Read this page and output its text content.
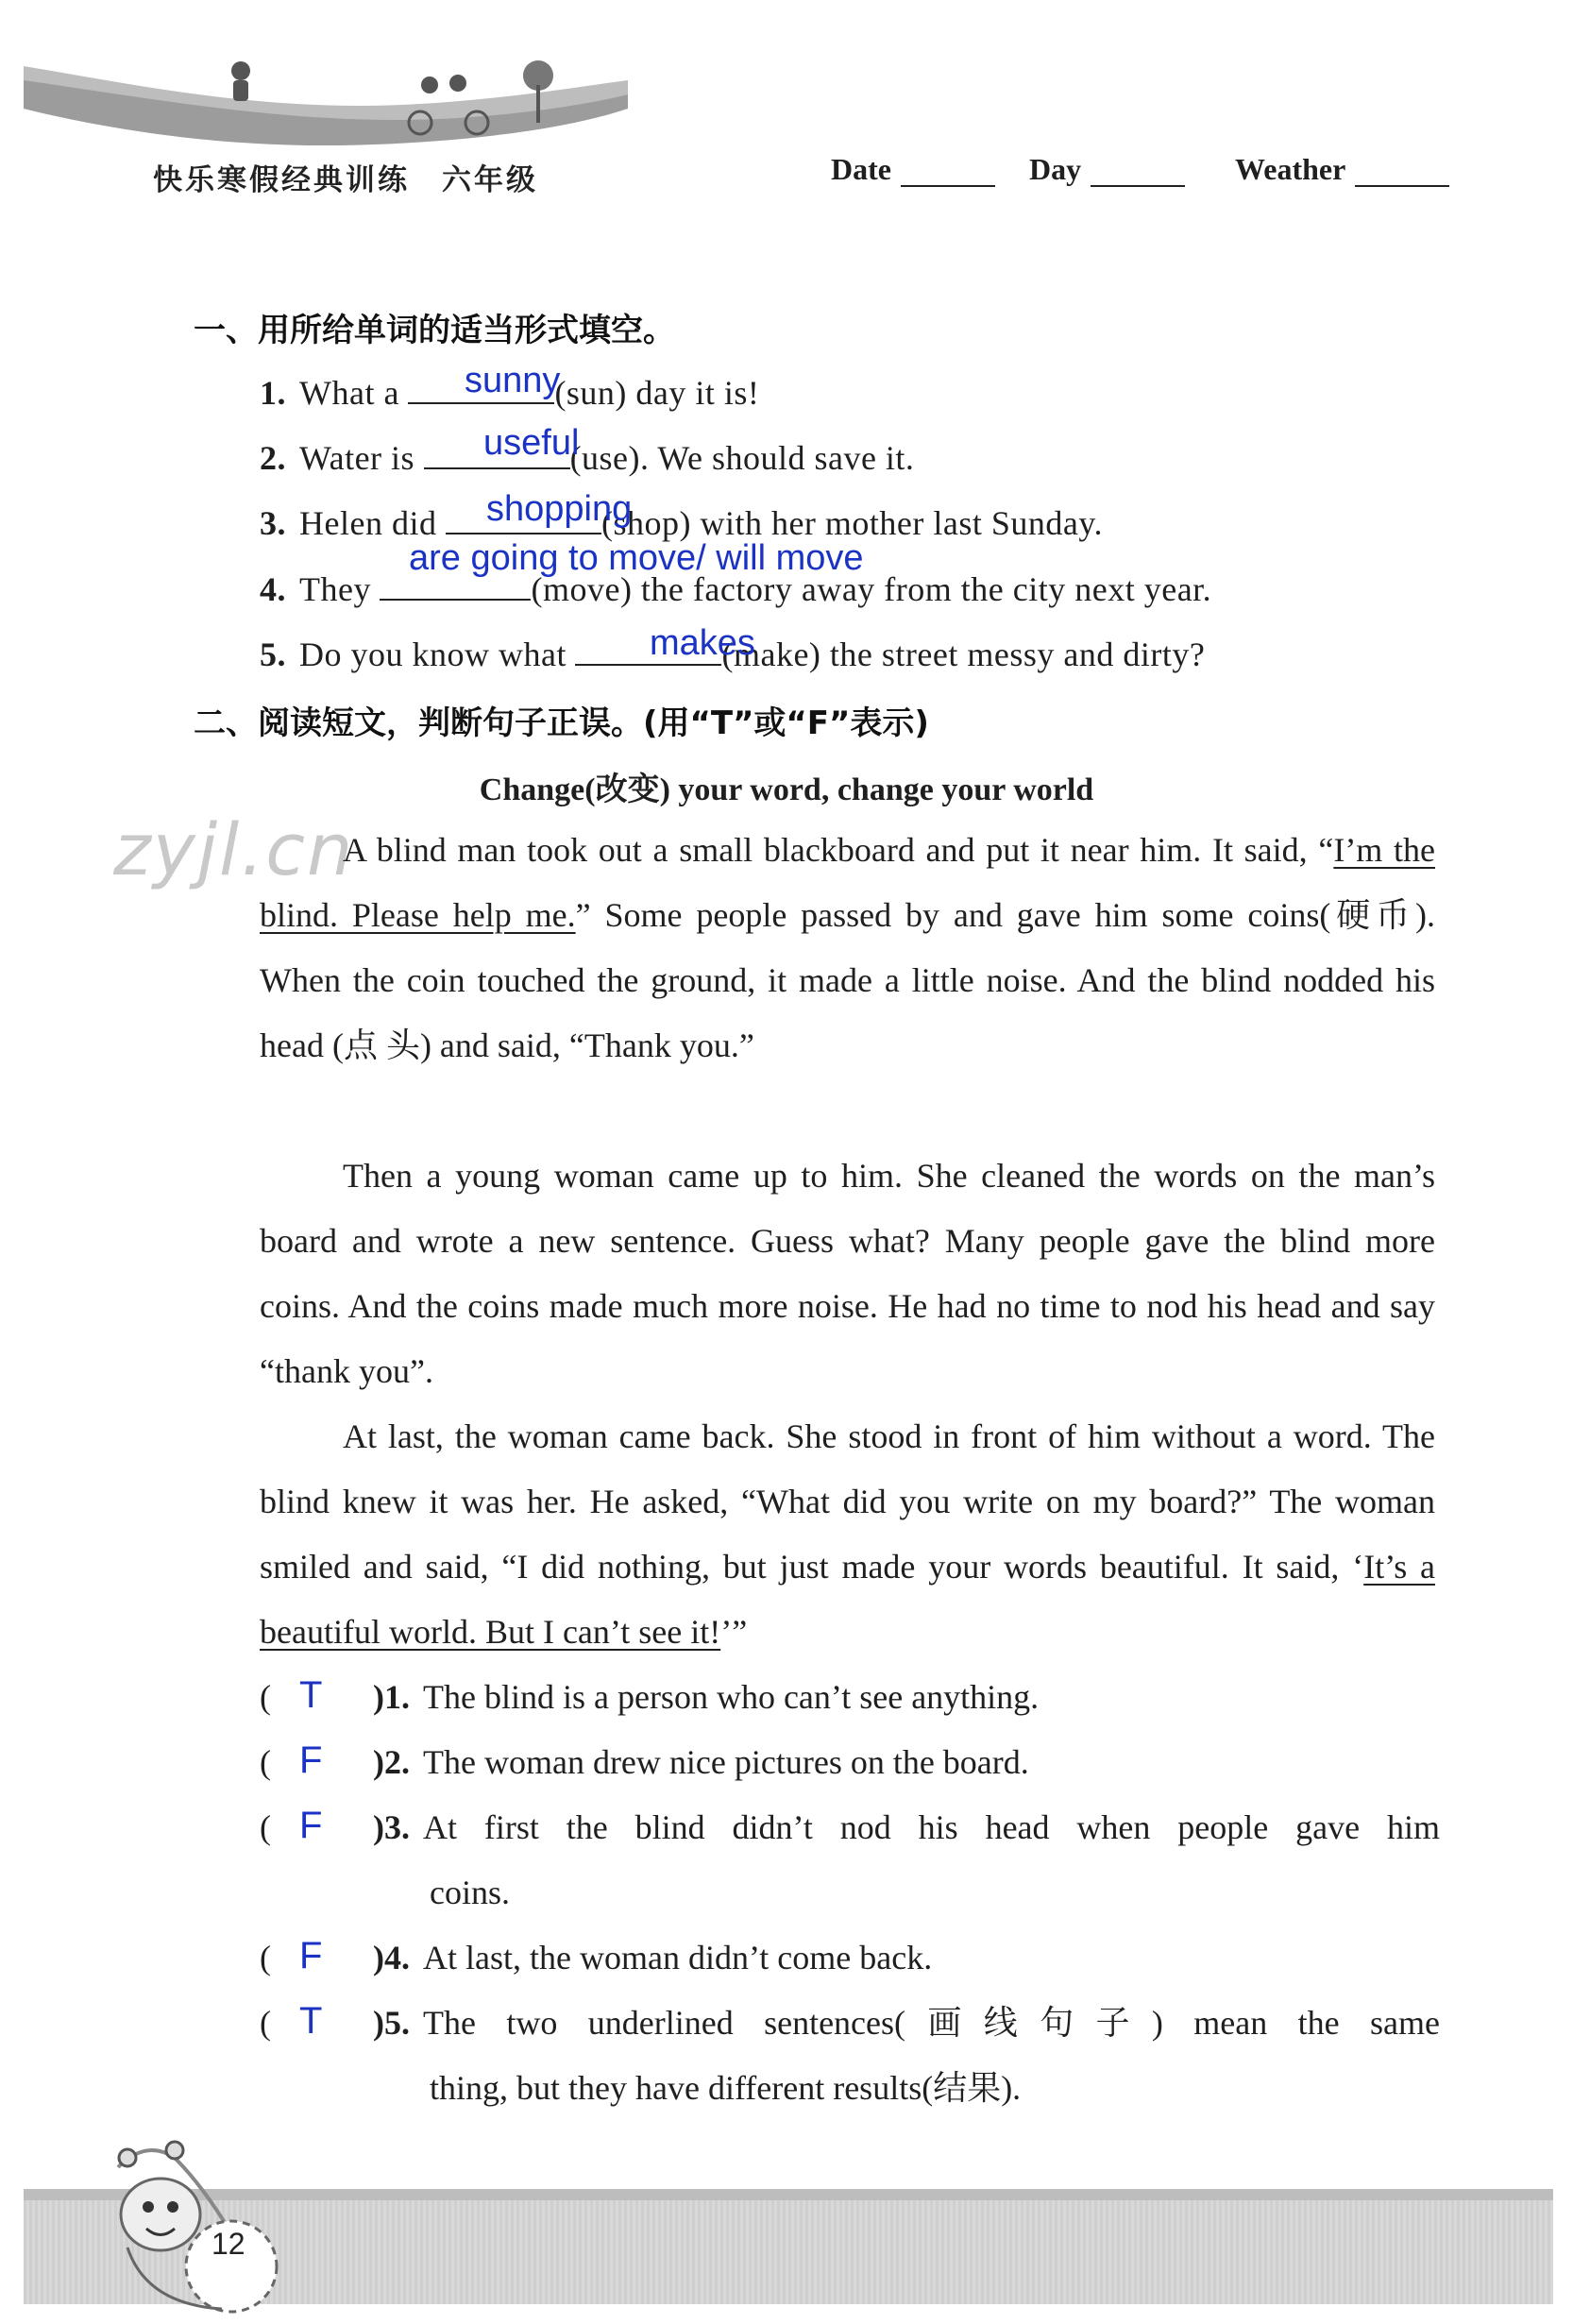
快乐寒假经典训练　六年级	Date	Day	Weather
一、用所给单词的适当形式填空。
1. What a	(sun) day it is!
sunny
2. Water is	(use). We should save it.
useful
3. Helen did	(shop) with her mother last Sunday.
shopping
4. They	(move) the factory away from the city next year.
are going to move/ will move
5. Do you know what	(make) the street messy and dirty?
makes
二、阅读短文，判断句子正误。(用“T”或“F”表示)
Change(改变) your word, change your world
zyjl.cn
A blind man took out a small blackboard and put it near him. It said, “I’m the blind. Please help me.” Some people passed by and gave him some coins(硬币). When the coin touched the ground, it made a little noise. And the blind nodded his head (点 头) and said, “Thank you.”
Then a young woman came up to him. She cleaned the words on the man’s board and wrote a new sentence. Guess what? Many people gave the blind more coins. And the coins made much more noise. He had no time to nod his head and say “thank you”.
At last, the woman came back. She stood in front of him without a word. The blind knew it was her. He asked, “What did you write on my board?” The woman smiled and said, “I did nothing, but just made your words beautiful. It said, ‘It’s a beautiful world. But I can’t see it!’”
( T )1. The blind is a person who can’t see anything.
( F )2. The woman drew nice pictures on the board.
( F )3. At first the blind didn’t nod his head when people gave him
coins.
( F )4. At last, the woman didn’t come back.
( T )5. The two underlined sentences(画线句子) mean the same
thing, but they have different results(结果).
12
